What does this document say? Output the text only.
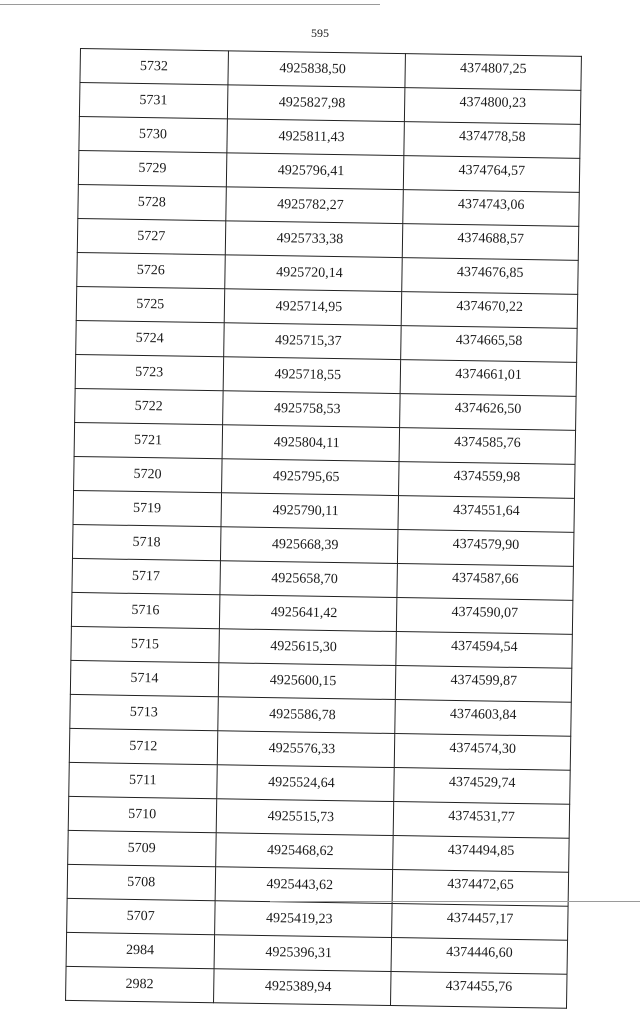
595
5732	4925838,50	4374807,25
5731	4925827,98	4374800,23
5730	4925811,43	4374778,58
5729	4925796,41	4374764,57
5728	4925782,27	4374743,06
5727	4925733,38	4374688,57
5726	4925720,14	4374676,85
5725	4925714,95	4374670,22
5724	4925715,37	4374665,58
5723	4925718,55	4374661,01
5722	4925758,53	4374626,50
5721	4925804,11	4374585,76
5720	4925795,65	4374559,98
5719	4925790,11	4374551,64
5718	4925668,39	4374579,90
5717	4925658,70	4374587,66
5716	4925641,42	4374590,07
5715	4925615,30	4374594,54
5714	4925600,15	4374599,87
5713	4925586,78	4374603,84
5712	4925576,33	4374574,30
5711	4925524,64	4374529,74
5710	4925515,73	4374531,77
5709	4925468,62	4374494,85
5708	4925443,62	4374472,65
5707	4925419,23	4374457,17
2984	4925396,31	4374446,60
2982	4925389,94	4374455,76
